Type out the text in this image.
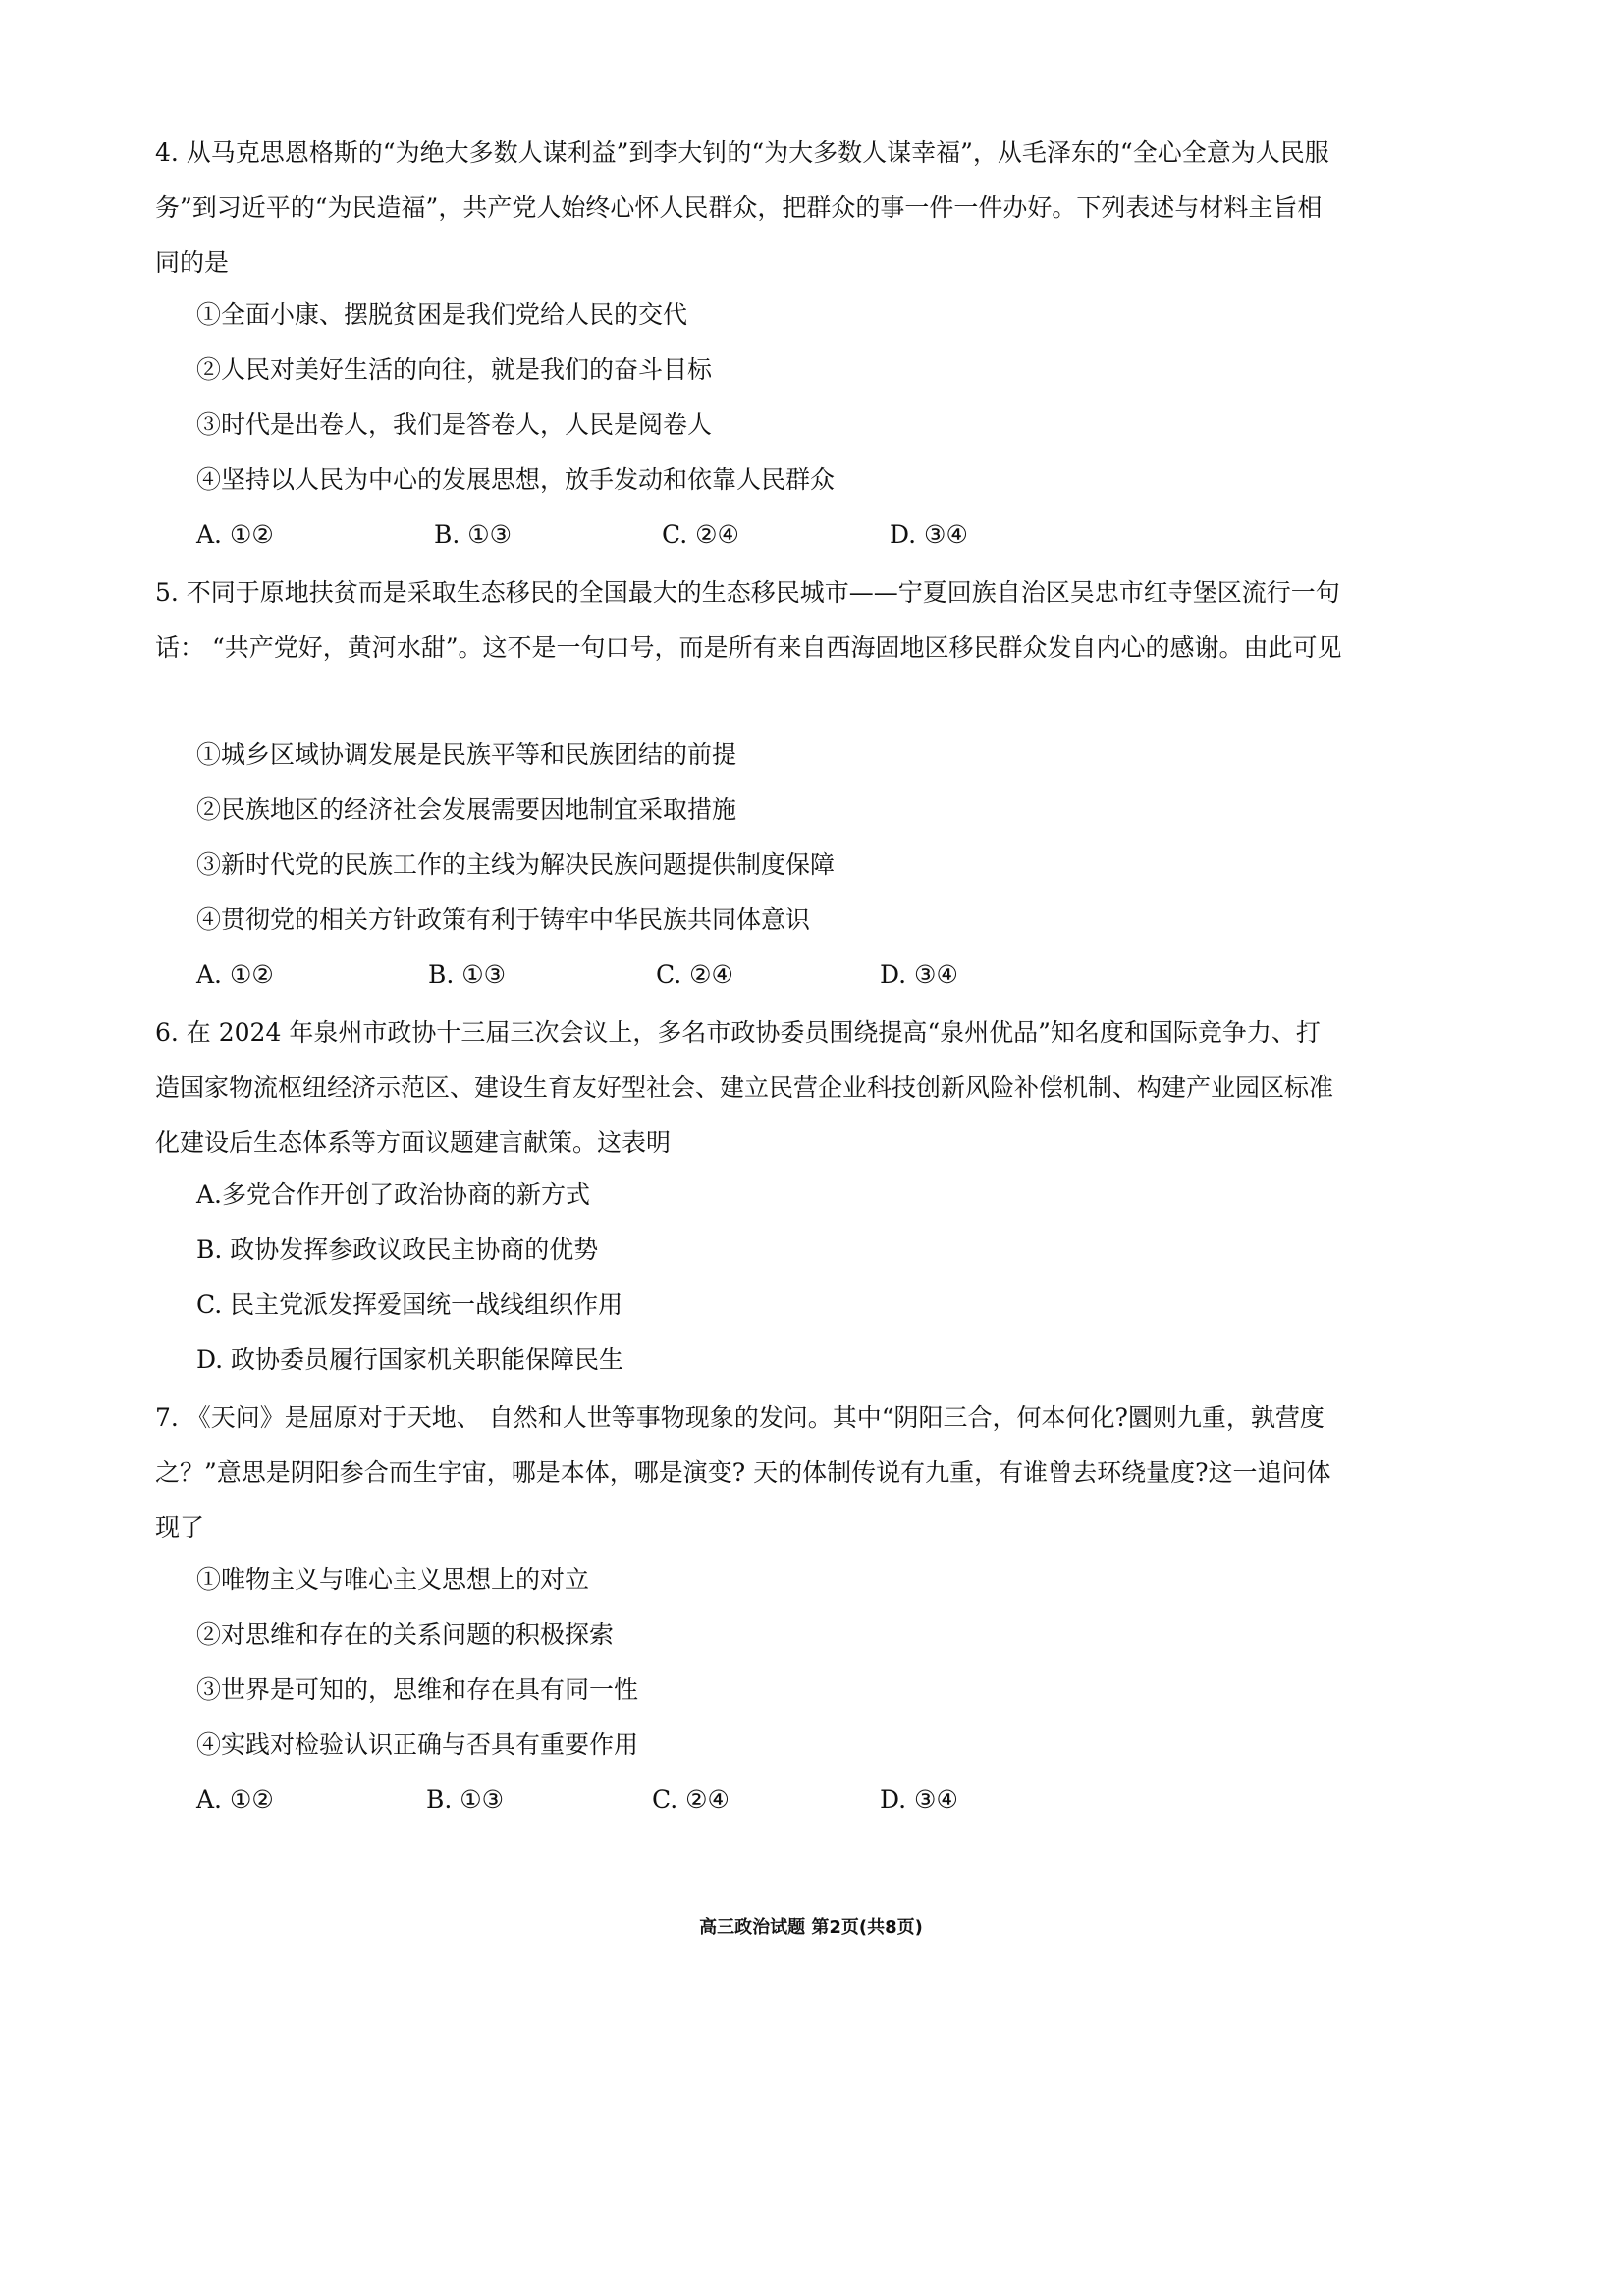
4. 从马克思恩格斯的“为绝大多数人谋利益”到李大钊的“为大多数人谋幸福”，从毛泽东的“全心全意为人民服务”到习近平的“为民造福”，共产党人始终心怀人民群众，把群众的事一件一件办好。下列表述与材料主旨相同的是

①全面小康、摆脱贫困是我们党给人民的交代
②人民对美好生活的向往，就是我们的奋斗目标
③时代是出卷人，我们是答卷人，人民是阅卷人
④坚持以人民为中心的发展思想，放手发动和依靠人民群众
A. ①②	B. ①③	C. ②④	D. ③④

5. 不同于原地扶贫而是采取生态移民的全国最大的生态移民城市——宁夏回族自治区吴忠市红寺堡区流行一句话： “共产党好，黄河水甜”。这不是一句口号，而是所有来自西海固地区移民群众发自内心的感谢。由此可见

①城乡区域协调发展是民族平等和民族团结的前提
②民族地区的经济社会发展需要因地制宜采取措施
③新时代党的民族工作的主线为解决民族问题提供制度保障
④贯彻党的相关方针政策有利于铸牢中华民族共同体意识
A. ①②	B. ①③	C. ②④	D. ③④

6. 在 2024 年泉州市政协十三届三次会议上，多名市政协委员围绕提高“泉州优品”知名度和国际竞争力、打造国家物流枢纽经济示范区、建设生育友好型社会、建立民营企业科技创新风险补偿机制、构建产业园区标准化建设后生态体系等方面议题建言献策。这表明

A.多党合作开创了政治协商的新方式
B. 政协发挥参政议政民主协商的优势
C. 民主党派发挥爱国统一战线组织作用
D. 政协委员履行国家机关职能保障民生

7. 《天问》是屈原对于天地、 自然和人世等事物现象的发问。其中“阴阳三合，何本何化?圜则九重，孰营度之？”意思是阴阳参合而生宇宙，哪是本体，哪是演变? 天的体制传说有九重，有谁曾去环绕量度?这一追问体现了

①唯物主义与唯心主义思想上的对立
②对思维和存在的关系问题的积极探索
③世界是可知的，思维和存在具有同一性
④实践对检验认识正确与否具有重要作用
A. ①②	B. ①③	C. ②④	D. ③④
高三政治试题 第2页(共8页)
